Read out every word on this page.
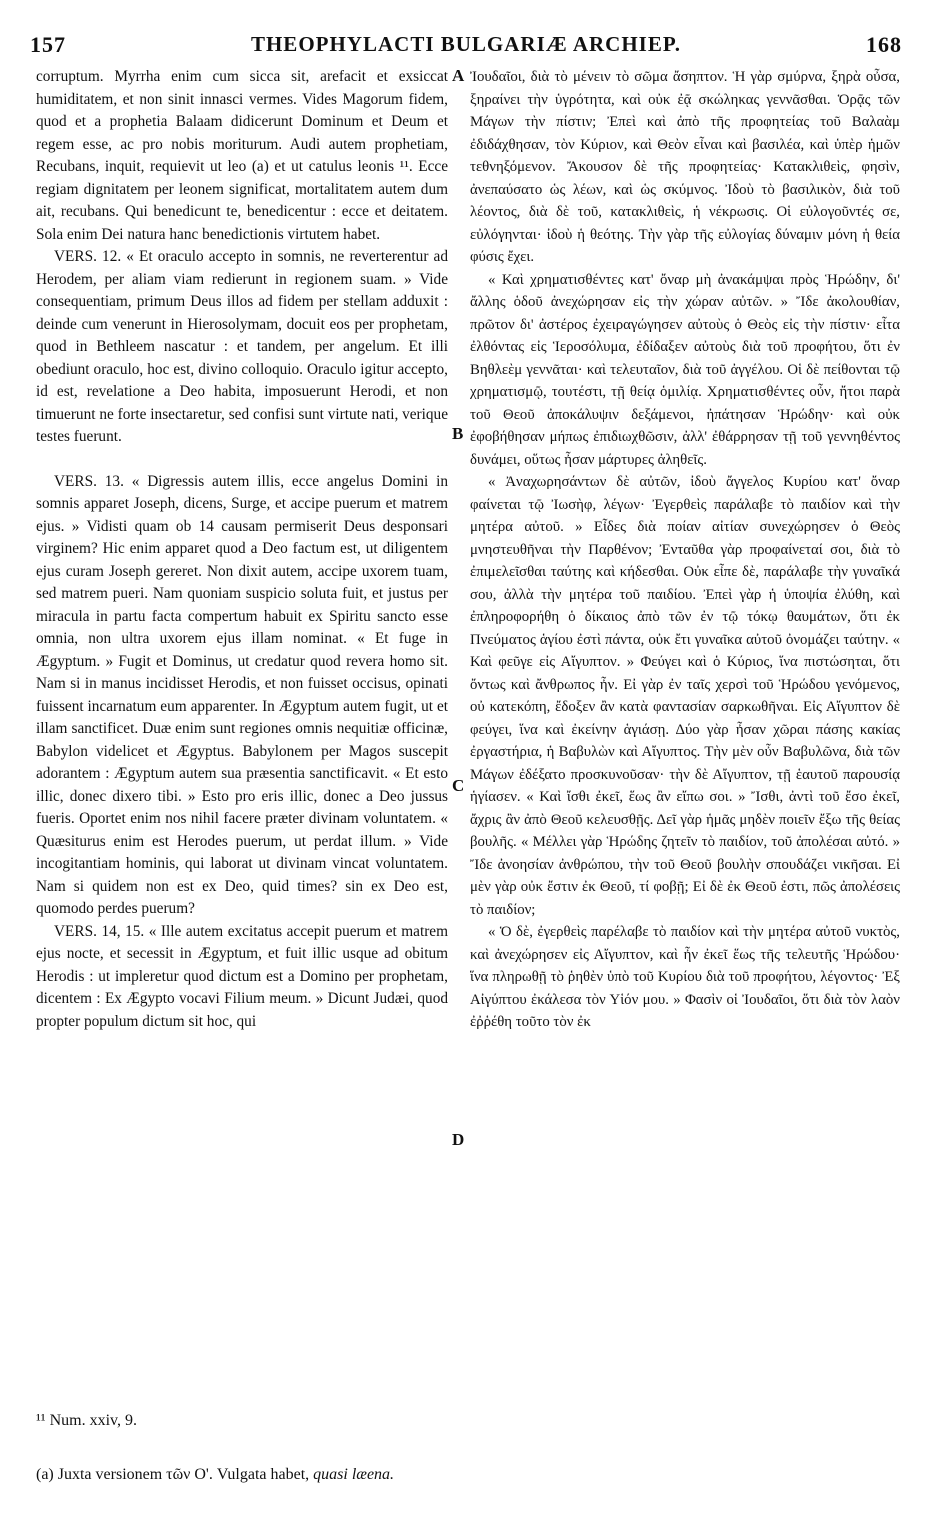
157	THEOPHYLACTI BULGARIÆ ARCHIEP.	168

corruptum. Myrrha enim cum sicca sit, arefacit et exsiccat humiditatem, et non sinit innasci vermes. Vides Magorum fidem, quod et a prophetia Balaam didicerunt Dominum et Deum et regem esse, ac pro nobis moriturum. Audi autem prophetiam, Recubans, inquit, requievit ut leo (a) et ut catulus leonis ¹¹. Ecce regiam dignitatem per leonem significat, mortalitatem autem dum ait, recubans. Qui benedicunt te, benedicentur : ecce et deitatem. Sola enim Dei natura hanc benedictionis virtutem habet.

VERS. 12. « Et oraculo accepto in somnis, ne reverterentur ad Herodem, per aliam viam redierunt in regionem suam. » Vide consequentiam, primum Deus illos ad fidem per stellam adduxit : deinde cum venerunt in Hierosolymam, docuit eos per prophetam, quod in Bethleem nascatur : et tandem, per angelum. Et illi obediunt oraculo, hoc est, divino colloquio. Oraculo igitur accepto, id est, revelatione a Deo habita, imposuerunt Herodi, et non timuerunt ne forte insectaretur, sed confisi sunt virtute nati, verique testes fuerunt.

VERS. 13. « Digressis autem illis, ecce angelus Domini in somnis apparet Joseph, dicens, Surge, et accipe puerum et matrem ejus. » Vidisti quam ob 14 causam permiserit Deus desponsari virginem? Hic enim apparet quod a Deo factum est, ut diligentem ejus curam Joseph gereret. Non dixit autem, accipe uxorem tuam, sed matrem pueri. Nam quoniam suspicio soluta fuit, et justus per miracula in partu facta compertum habuit ex Spiritu sancto esse omnia, non ultra uxorem ejus illam nominat. « Et fuge in Ægyptum. » Fugit et Dominus, ut credatur quod revera homo sit. Nam si in manus incidisset Herodis, et non fuisset occisus, opinati fuissent incarnatum eum apparenter. In Ægyptum autem fugit, ut et illam sanctificet. Duæ enim sunt regiones omnis nequitiæ officinæ, Babylon videlicet et Ægyptus. Babylonem per Magos suscepit adorantem : Ægyptum autem sua præsentia sanctificavit. « Et esto illic, donec dixero tibi. » Esto pro eris illic, donec a Deo jussus fueris. Oportet enim nos nihil facere præter divinam voluntatem. « Quæsiturus enim est Herodes puerum, ut perdat illum. » Vide incogitantiam hominis, qui laborat ut divinam vincat voluntatem. Nam si quidem non est ex Deo, quid times? sin ex Deo est, quomodo perdes puerum?

VERS. 14, 15. « Ille autem excitatus accepit puerum et matrem ejus nocte, et secessit in Ægyptum, et fuit illic usque ad obitum Herodis : ut impleretur quod dictum est a Domino per prophetam, dicentem : Ex Ægypto vocavi Filium meum. » Dicunt Judæi, quod propter populum dictum sit hoc, qui

Ἰουδαῖοι, διὰ τὸ μένειν τὸ σῶμα ἄσηπτον. Ἡ γὰρ σμύρνα, ξηρὰ οὖσα, ξηραίνει τὴν ὑγρότητα, καὶ οὐκ ἐᾷ σκώληκας γεννᾶσθαι. Ὁρᾷς τῶν Μάγων τὴν πίστιν; Ἐπεὶ καὶ ἀπὸ τῆς προφητείας τοῦ Βαλαὰμ ἐδιδάχθησαν, τὸν Κύριον, καὶ Θεὸν εἶναι καὶ βασιλέα, καὶ ὑπὲρ ἡμῶν τεθνηξόμενον. Ἄκουσον δὲ τῆς προφητείας· Κατακλιθεὶς, φησὶν, ἀνεπαύσατο ὡς λέων, καὶ ὡς σκύμνος. Ἰδοὺ τὸ βασιλικὸν, διὰ τοῦ λέοντος, διὰ δὲ τοῦ, κατακλιθεὶς, ἡ νέκρωσις. Οἱ εὐλογοῦντές σε, εὐλόγηνται· ἰδοὺ ἡ θεότης. Τὴν γὰρ τῆς εὐλογίας δύναμιν μόνη ἡ θεία φύσις ἔχει.

« Καὶ χρηματισθέντες κατ' ὄναρ μὴ ἀνακάμψαι πρὸς Ἡρώδην, δι' ἄλλης ὁδοῦ ἀνεχώρησαν εἰς τὴν χώραν αὐτῶν. » Ἴδε ἀκολουθίαν, πρῶτον δι' ἀστέρος ἐχειραγώγησεν αὐτοὺς ὁ Θεὸς εἰς τὴν πίστιν· εἶτα ἐλθόντας εἰς Ἱεροσόλυμα, ἐδίδαξεν αὐτοὺς διὰ τοῦ προφήτου, ὅτι ἐν Βηθλεὲμ γεννᾶται· καὶ τελευταῖον, διὰ τοῦ ἀγγέλου. Οἱ δὲ πείθονται τῷ χρηματισμῷ, τουτέστι, τῇ θείᾳ ὁμιλίᾳ. Χρηματισθέντες οὖν, ἤτοι παρὰ τοῦ Θεοῦ ἀποκάλυψιν δεξάμενοι, ἠπάτησαν Ἡρώδην· καὶ οὐκ ἐφοβήθησαν μήπως ἐπιδιωχθῶσιν, ἀλλ' ἐθάρρησαν τῇ τοῦ γεννηθέντος δυνάμει, οὕτως ἦσαν μάρτυρες ἀληθεῖς.

« Ἀναχωρησάντων δὲ αὐτῶν, ἰδοὺ ἄγγελος Κυρίου κατ' ὄναρ φαίνεται τῷ Ἰωσὴφ, λέγων· Ἐγερθεὶς παράλαβε τὸ παιδίον καὶ τὴν μητέρα αὐτοῦ. » Εἶδες διὰ ποίαν αἰτίαν συνεχώρησεν ὁ Θεὸς μνηστευθῆναι τὴν Παρθένον; Ἐνταῦθα γὰρ προφαίνεταί σοι, διὰ τὸ ἐπιμελεῖσθαι ταύτης καὶ κήδεσθαι. Οὐκ εἶπε δὲ, παράλαβε τὴν γυναῖκά σου, ἀλλὰ τὴν μητέρα τοῦ παιδίου. Ἐπεὶ γὰρ ἡ ὑποψία ἐλύθη, καὶ ἐπληροφορήθη ὁ δίκαιος ἀπὸ τῶν ἐν τῷ τόκῳ θαυμάτων, ὅτι ἐκ Πνεύματος ἁγίου ἐστὶ πάντα, οὐκ ἔτι γυναῖκα αὐτοῦ ὀνομάζει ταύτην. « Καὶ φεῦγε εἰς Αἴγυπτον. » Φεύγει καὶ ὁ Κύριος, ἵνα πιστώσηται, ὅτι ὄντως καὶ ἄνθρωπος ἦν. Εἰ γὰρ ἐν ταῖς χερσὶ τοῦ Ἡρώδου γενόμενος, οὐ κατεκόπη, ἔδοξεν ἂν κατὰ φαντασίαν σαρκωθῆναι. Εἰς Αἴγυπτον δὲ φεύγει, ἵνα καὶ ἐκείνην ἁγιάσῃ. Δύο γὰρ ἦσαν χῶραι πάσης κακίας ἐργαστήρια, ἡ Βαβυλὼν καὶ Αἴγυπτος. Τὴν μὲν οὖν Βαβυλῶνα, διὰ τῶν Μάγων ἐδέξατο προσκυνοῦσαν· τὴν δὲ Αἴγυπτον, τῇ ἑαυτοῦ παρουσίᾳ ἡγίασεν. « Καὶ ἴσθι ἐκεῖ, ἕως ἂν εἴπω σοι. » Ἴσθι, ἀντὶ τοῦ ἔσο ἐκεῖ, ἄχρις ἂν ἀπὸ Θεοῦ κελευσθῇς. Δεῖ γὰρ ἡμᾶς μηδὲν ποιεῖν ἔξω τῆς θείας βουλῆς. « Μέλλει γὰρ Ἡρώδης ζητεῖν τὸ παιδίον, τοῦ ἀπολέσαι αὐτό. » Ἴδε ἀνοησίαν ἀνθρώπου, τὴν τοῦ Θεοῦ βουλὴν σπουδάζει νικῆσαι. Εἰ μὲν γὰρ οὐκ ἔστιν ἐκ Θεοῦ, τί φοβῇ; Εἰ δὲ ἐκ Θεοῦ ἐστι, πῶς ἀπολέσεις τὸ παιδίον;

« Ὁ δὲ, ἐγερθεὶς παρέλαβε τὸ παιδίον καὶ τὴν μητέρα αὐτοῦ νυκτὸς, καὶ ἀνεχώρησεν εἰς Αἴγυπτον, καὶ ἦν ἐκεῖ ἕως τῆς τελευτῆς Ἡρώδου· ἵνα πληρωθῇ τὸ ῥηθὲν ὑπὸ τοῦ Κυρίου διὰ τοῦ προφήτου, λέγοντος· Ἐξ Αἰγύπτου ἐκάλεσα τὸν Υἱόν μου. » Φασὶν οἱ Ἰουδαῖοι, ὅτι διὰ τὸν λαὸν ἐῤῥέθη τοῦτο τὸν ἐκ

A
B
C
D
¹¹ Num. xxiv, 9.
(a) Juxta versionem τῶν Ο'. Vulgata habet, quasi læena.
